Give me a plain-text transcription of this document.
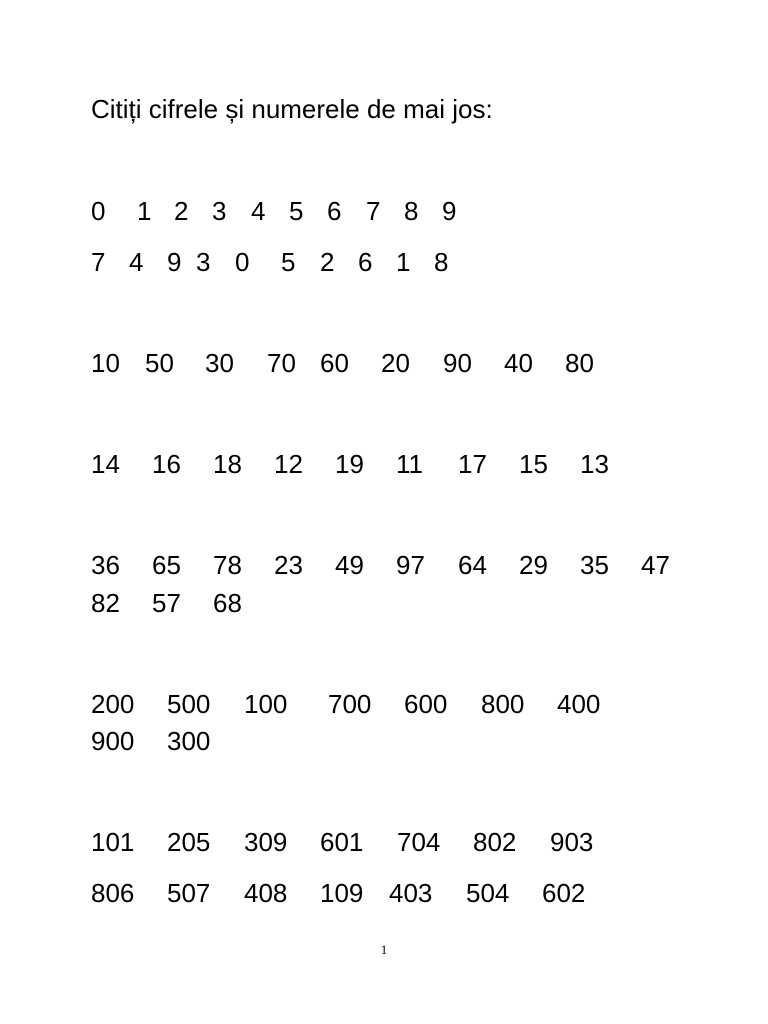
Citiți cifrele și numerele de mai jos:
0 1 2 3 4 5 6 7 8 9
7 4 9 3 0 5 2 6 1 8
10 50 30 70 60 20 90 40 80
14 16 18 12 19 11 17 15 13
36 65 78 23 49 97 64 29 35 47
82 57 68
200 500 100 700 600 800 400
900 300
101 205 309 601 704 802 903
806 507 408 109 403 504 602
1
